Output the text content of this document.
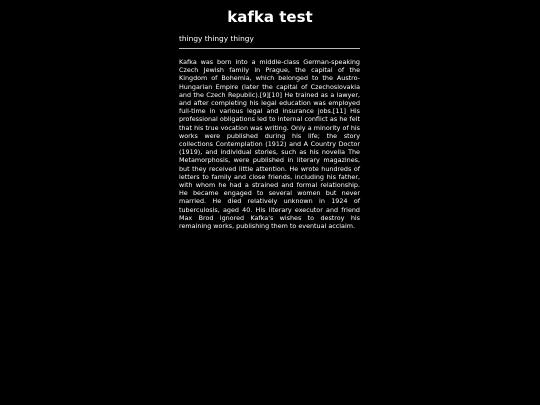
kafka test

thingy thingy thingy

Kafka was born into a middle-class German-speaking Czech Jewish family in Prague, the capital of the Kingdom of Bohemia, which belonged to the Austro-Hungarian Empire (later the capital of Czechoslovakia and the Czech Republic).[9][10] He trained as a lawyer, and after completing his legal education was employed full-time in various legal and insurance jobs.[11] His professional obligations led to internal conflict as he felt that his true vocation was writing. Only a minority of his works were published during his life; the story collections Contemplation (1912) and A Country Doctor (1919), and individual stories, such as his novella The Metamorphosis, were published in literary magazines, but they received little attention. He wrote hundreds of letters to family and close friends, including his father, with whom he had a strained and formal relationship. He became engaged to several women but never married. He died relatively unknown in 1924 of tuberculosis, aged 40. His literary executor and friend Max Brod ignored Kafka's wishes to destroy his remaining works, publishing them to eventual acclaim.
